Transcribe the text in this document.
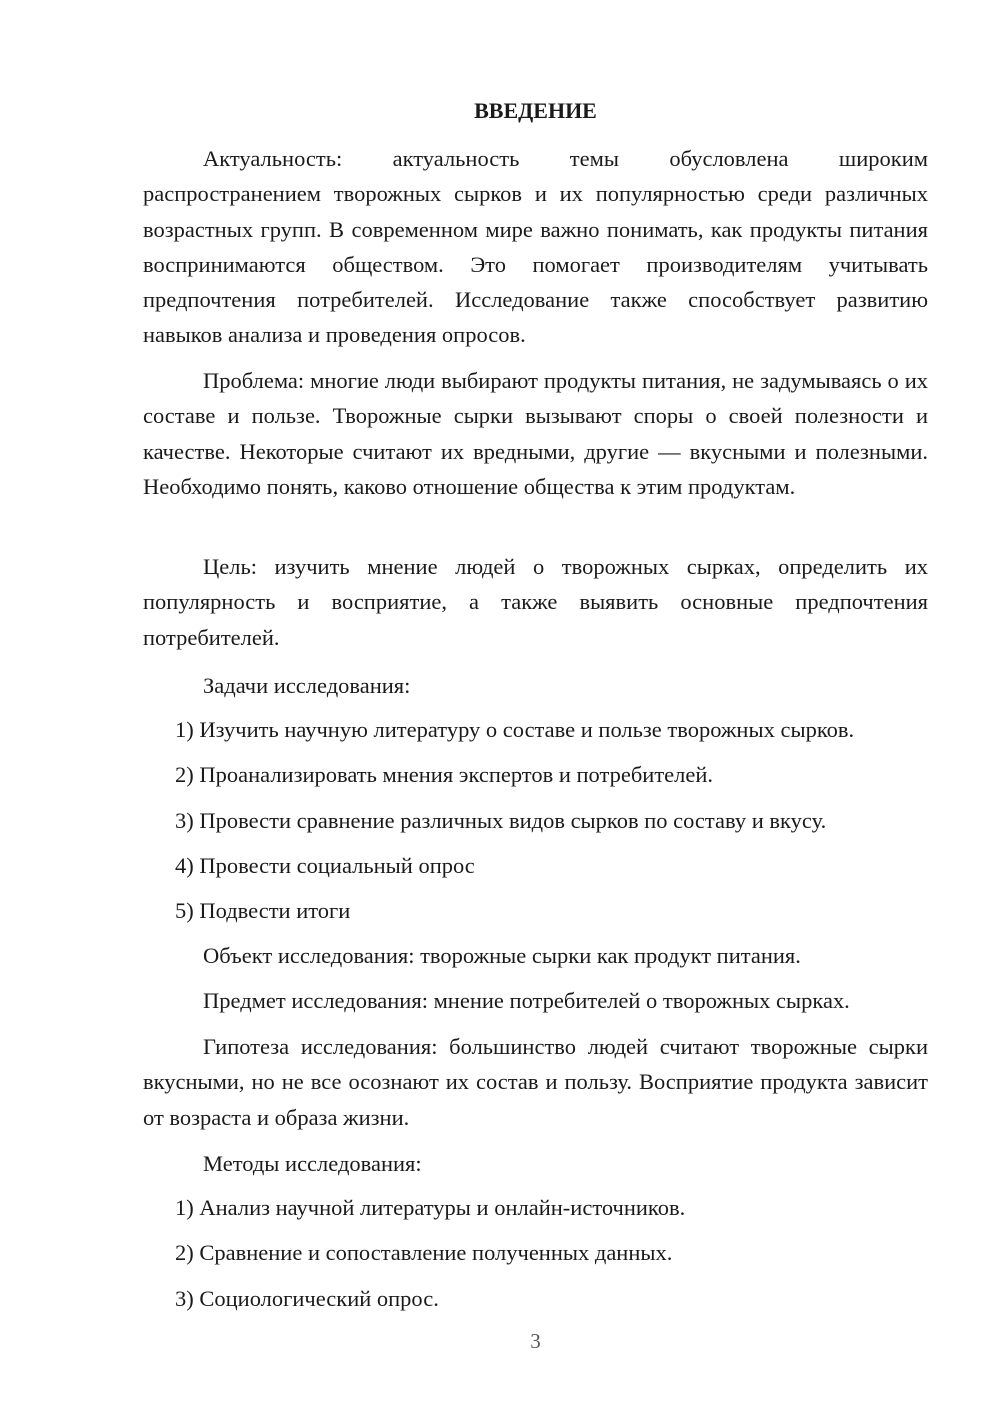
ВВЕДЕНИЕ

Актуальность: актуальность темы обусловлена широким распространением творожных сырков и их популярностью среди различных возрастных групп. В современном мире важно понимать, как продукты питания воспринимаются обществом. Это помогает производителям учитывать предпочтения потребителей. Исследование также способствует развитию навыков анализа и проведения опросов.

Проблема: многие люди выбирают продукты питания, не задумываясь о их составе и пользе. Творожные сырки вызывают споры о своей полезности и качестве. Некоторые считают их вредными, другие — вкусными и полезными. Необходимо понять, каково отношение общества к этим продуктам.

Цель: изучить мнение людей о творожных сырках, определить их популярность и восприятие, а также выявить основные предпочтения потребителей.

Задачи исследования:

1) Изучить научную литературу о составе и пользе творожных сырков.

2) Проанализировать мнения экспертов и потребителей.

3) Провести сравнение различных видов сырков по составу и вкусу.

4) Провести социальный опрос

5) Подвести итоги

Объект исследования: творожные сырки как продукт питания.

Предмет исследования: мнение потребителей о творожных сырках.

Гипотеза исследования: большинство людей считают творожные сырки вкусными, но не все осознают их состав и пользу. Восприятие продукта зависит от возраста и образа жизни.

Методы исследования:

1) Анализ научной литературы и онлайн-источников.

2) Сравнение и сопоставление полученных данных.

3) Социологический опрос.

3
